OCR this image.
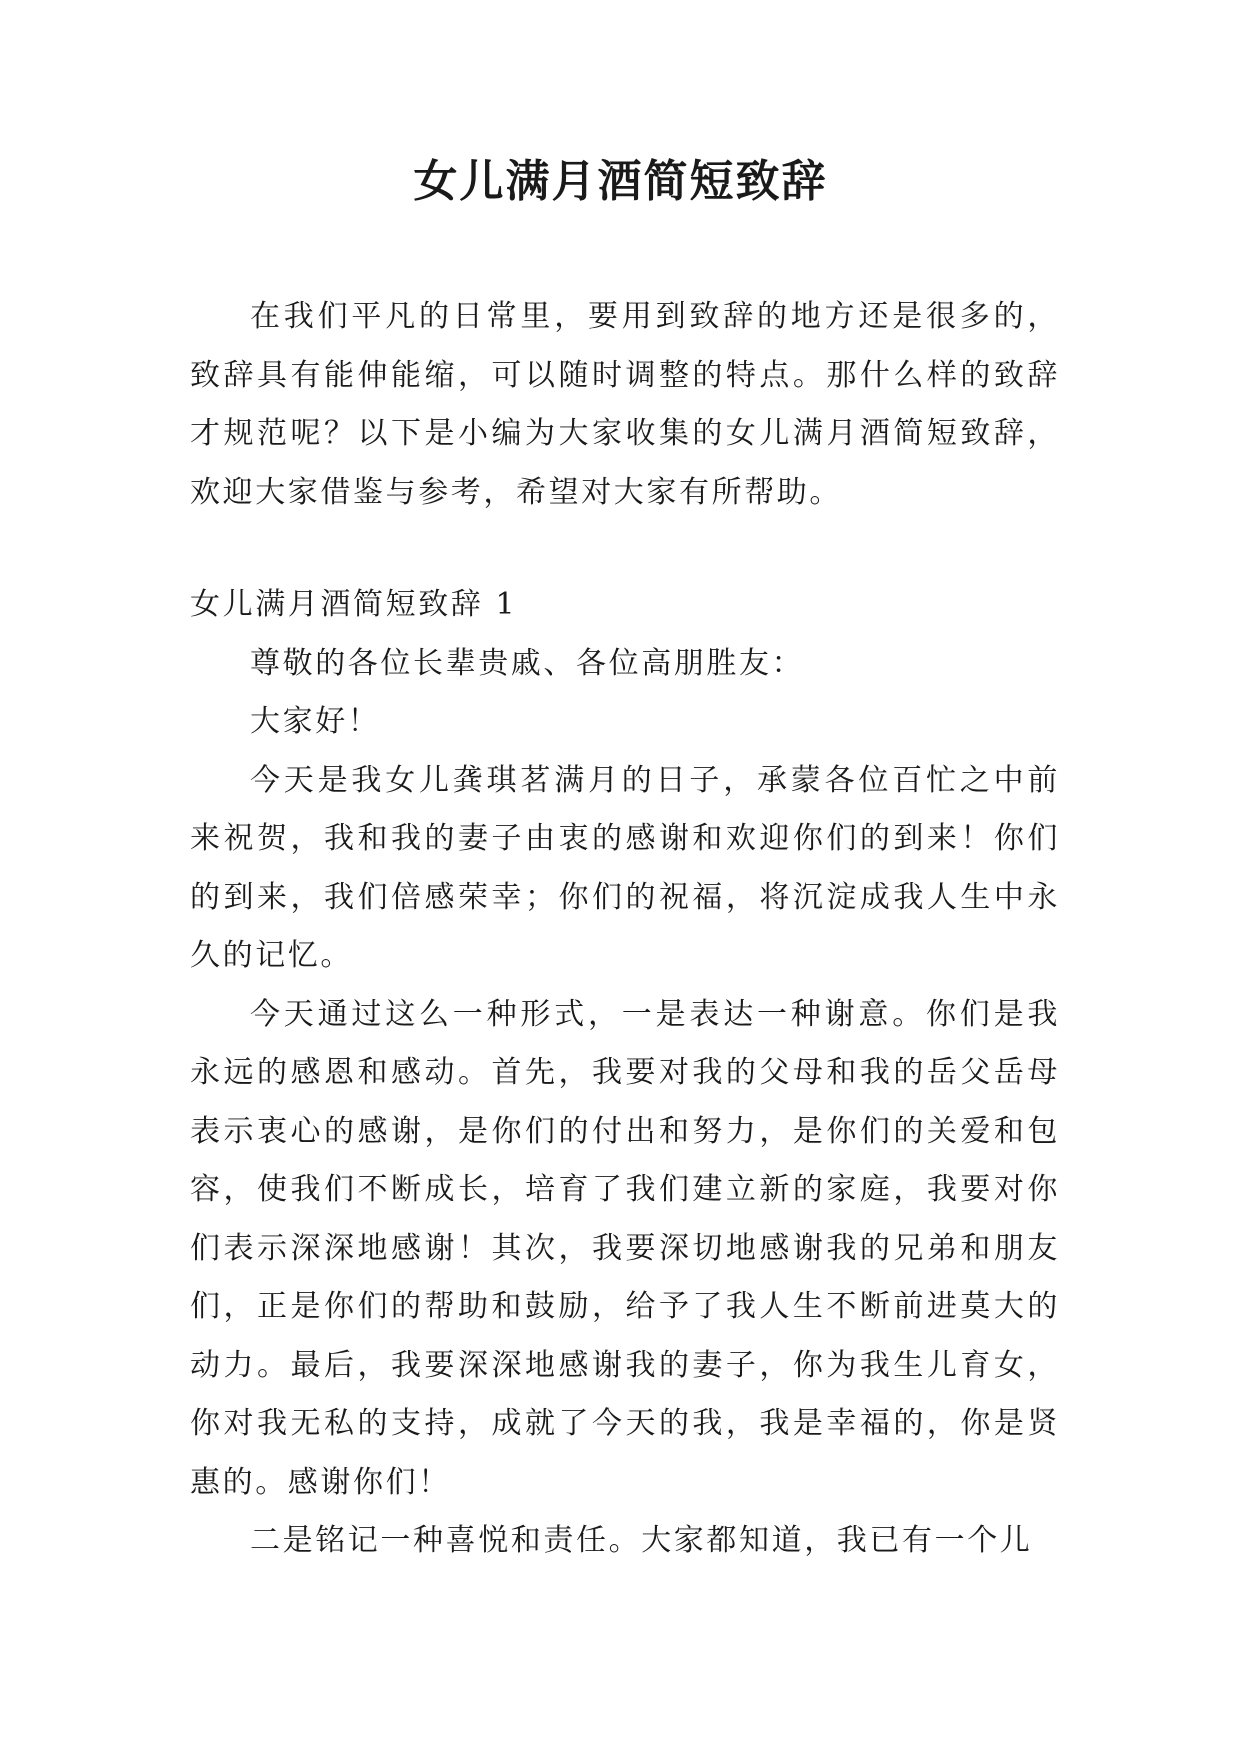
女儿满月酒简短致辞

在我们平凡的日常里，要用到致辞的地方还是很多的，致辞具有能伸能缩，可以随时调整的特点。那什么样的致辞才规范呢？以下是小编为大家收集的女儿满月酒简短致辞，欢迎大家借鉴与参考，希望对大家有所帮助。

女儿满月酒简短致辞 1

尊敬的各位长辈贵戚、各位高朋胜友：

大家好！

今天是我女儿龚琪茗满月的日子，承蒙各位百忙之中前来祝贺，我和我的妻子由衷的感谢和欢迎你们的到来！你们的到来，我们倍感荣幸；你们的祝福，将沉淀成我人生中永久的记忆。

今天通过这么一种形式，一是表达一种谢意。你们是我永远的感恩和感动。首先，我要对我的父母和我的岳父岳母表示衷心的感谢，是你们的付出和努力，是你们的关爱和包容，使我们不断成长，培育了我们建立新的家庭，我要对你们表示深深地感谢！其次，我要深切地感谢我的兄弟和朋友们，正是你们的帮助和鼓励，给予了我人生不断前进莫大的动力。最后，我要深深地感谢我的妻子，你为我生儿育女，你对我无私的支持，成就了今天的我，我是幸福的，你是贤惠的。感谢你们！

二是铭记一种喜悦和责任。大家都知道，我已有一个儿
